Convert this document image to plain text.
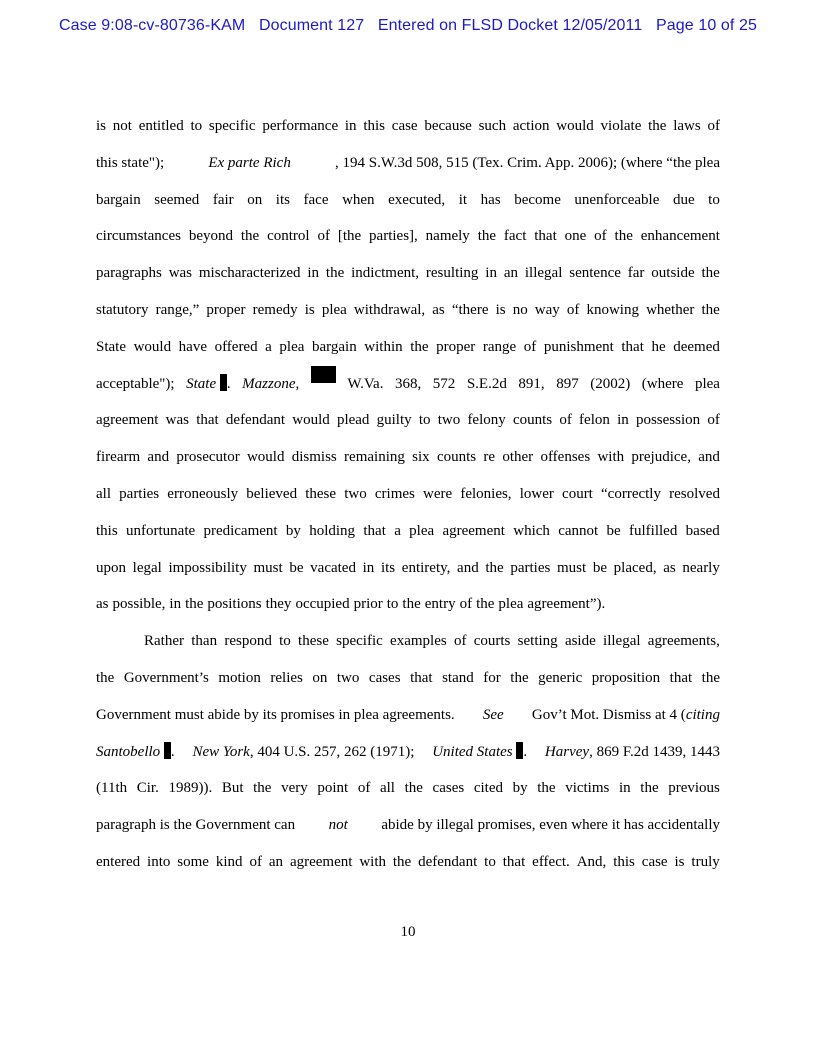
Case 9:08-cv-80736-KAM Document 127 Entered on FLSD Docket 12/05/2011 Page 10 of 25
is not entitled to specific performance in this case because such action would violate the laws of
this state");	Ex parte Rich	, 194 S.W.3d 508, 515 (Tex. Crim. App. 2006); (where “the plea
bargain seemed fair on its face when executed, it has become unenforceable due to
circumstances beyond the control of [the parties], namely the fact that one of the enhancement
paragraphs was mischaracterized in the indictment, resulting in an illegal sentence far outside the
statutory range,” proper remedy is plea withdrawal, as “there is no way of knowing whether the
State would have offered a plea bargain within the proper range of punishment that he deemed
acceptable"); State . Mazzone,	W.Va. 368, 572 S.E.2d 891, 897 (2002) (where plea
agreement was that defendant would plead guilty to two felony counts of felon in possession of
firearm and prosecutor would dismiss remaining six counts re other offenses with prejudice, and
all parties erroneously believed these two crimes were felonies, lower court “correctly resolved
this unfortunate predicament by holding that a plea agreement which cannot be fulfilled based
upon legal impossibility must be vacated in its entirety, and the parties must be placed, as nearly
as possible, in the positions they occupied prior to the entry of the plea agreement”).
Rather than respond to these specific examples of courts setting aside illegal agreements,
the Government’s motion relies on two cases that stand for the generic proposition that the
Government must abide by its promises in plea agreements. See Gov’t Mot. Dismiss at 4 (citing
Santobello . New York, 404 U.S. 257, 262 (1971); United States . Harvey, 869 F.2d 1439, 1443
(11th Cir. 1989)). But the very point of all the cases cited by the victims in the previous
paragraph is the Government can not abide by illegal promises, even where it has accidentally
entered into some kind of an agreement with the defendant to that effect. And, this case is truly
10
